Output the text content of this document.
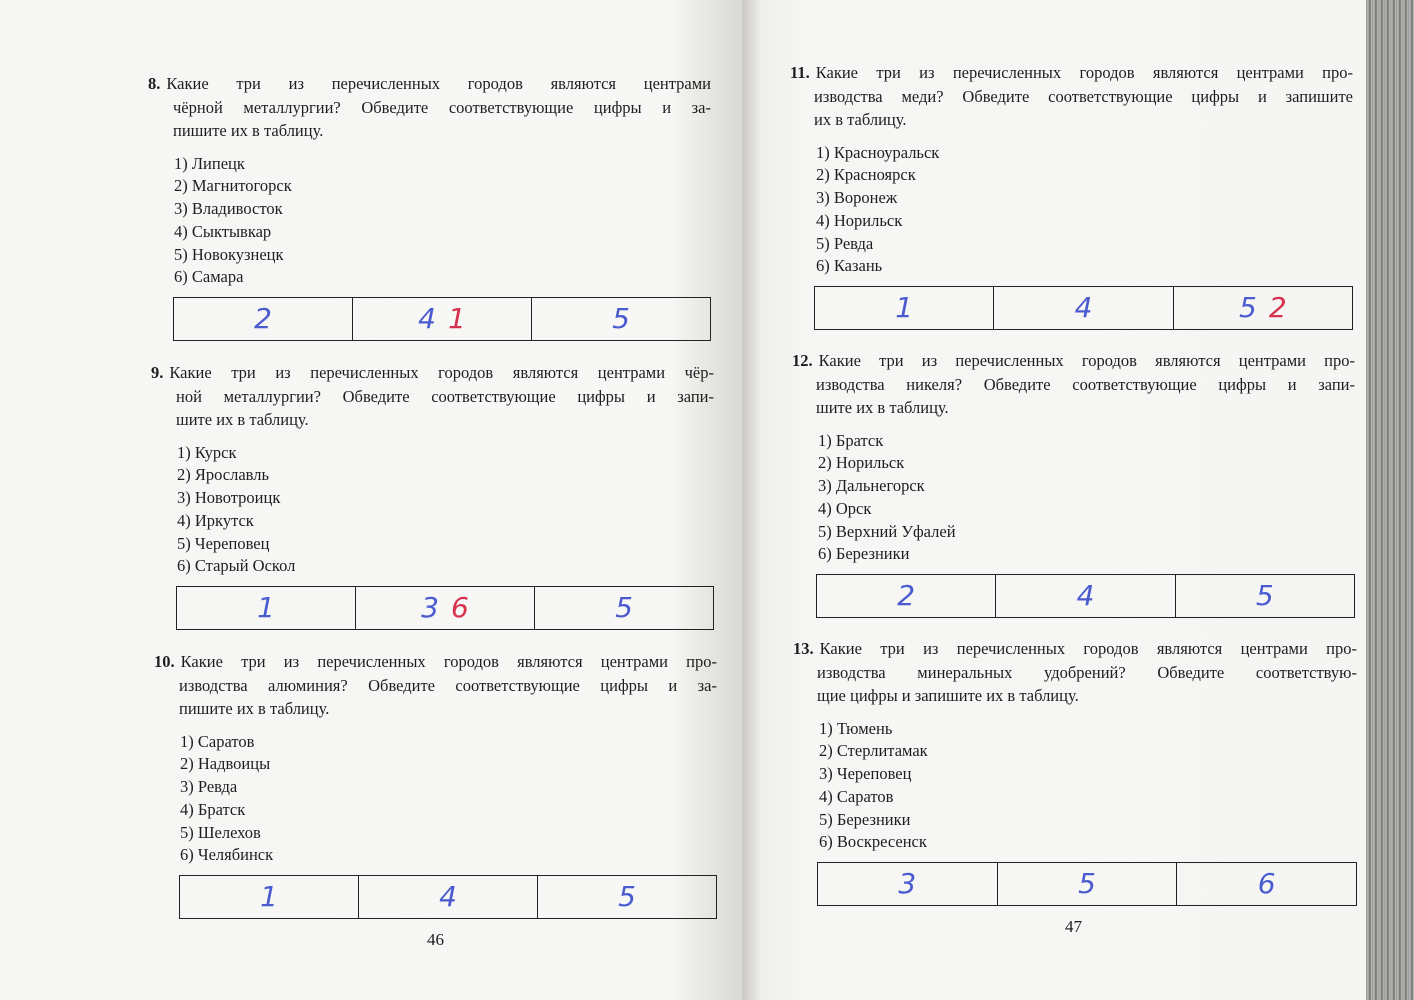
8. Какие три из перечисленных городов являются центрами
чёрной металлургии? Обведите соответствующие цифры и за-
пишите их в таблицу.
1) Липецк
2) Магнитогорск
3) Владивосток
4) Сыктывкар
5) Новокузнецк
6) Самара
2	4 1	5
9. Какие три из перечисленных городов являются центрами чёр-
ной металлургии? Обведите соответствующие цифры и запи-
шите их в таблицу.
1) Курск
2) Ярославль
3) Новотроицк
4) Иркутск
5) Череповец
6) Старый Оскол
1	3 6	5
10. Какие три из перечисленных городов являются центрами про-
изводства алюминия? Обведите соответствующие цифры и за-
пишите их в таблицу.
1) Саратов
2) Надвоицы
3) Ревда
4) Братск
5) Шелехов
6) Челябинск
1	4	5
46
11. Какие три из перечисленных городов являются центрами про-
изводства меди? Обведите соответствующие цифры и запишите
их в таблицу.
1) Красноуральск
2) Красноярск
3) Воронеж
4) Норильск
5) Ревда
6) Казань
1	4	5 2
12. Какие три из перечисленных городов являются центрами про-
изводства никеля? Обведите соответствующие цифры и запи-
шите их в таблицу.
1) Братск
2) Норильск
3) Дальнегорск
4) Орск
5) Верхний Уфалей
6) Березники
2	4	5
13. Какие три из перечисленных городов являются центрами про-
изводства минеральных удобрений? Обведите соответствую-
щие цифры и запишите их в таблицу.
1) Тюмень
2) Стерлитамак
3) Череповец
4) Саратов
5) Березники
6) Воскресенск
3	5	6
47
